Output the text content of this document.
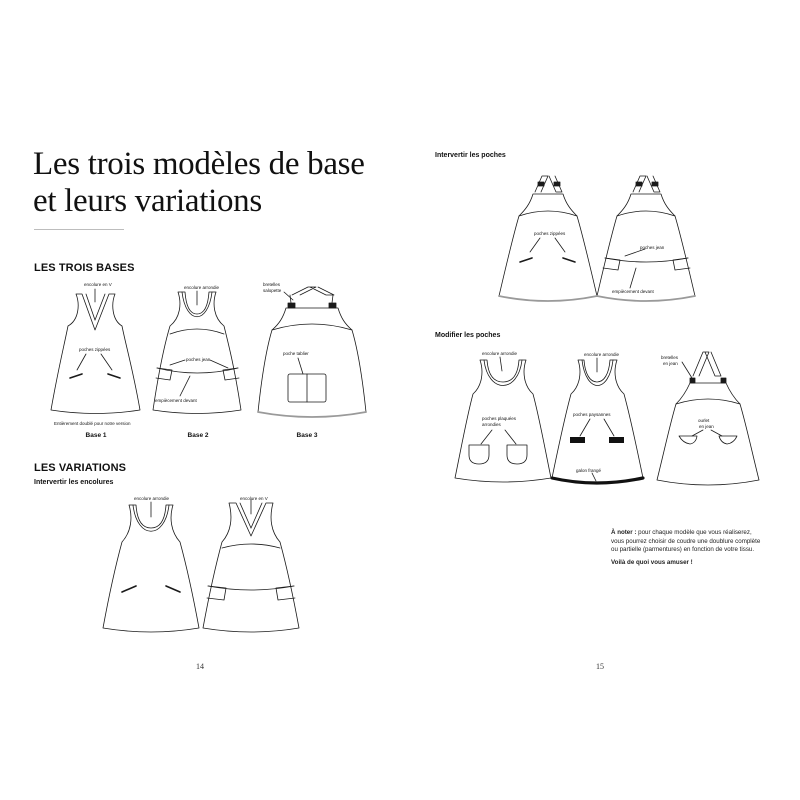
Les trois modèles de base
et leurs variations
LES TROIS BASES
encolure en V
poches zippées
Entièrement doublé pour notre version
Base 1
encolure arrondie
poches jean
empiècement devant
Base 2
bretelles
salopette
poche tablier
Base 3
LES VARIATIONS
Intervertir les encolures
encolure arrondie	encolure en V
14
Intervertir les poches
poches zippées
poches jean
empiècement devant
Modifier les poches
encolure arrondie
poches plaquées
arrondies
encolure arrondie
poches paysannes
galon frangé
bretelles
en jean
ourlet
en jean

À noter : pour chaque modèle que vous réaliserez, vous pourrez choisir de coudre une doublure complète ou partielle (parmentures) en fonction de votre tissu.

Voilà de quoi vous amuser !

15
